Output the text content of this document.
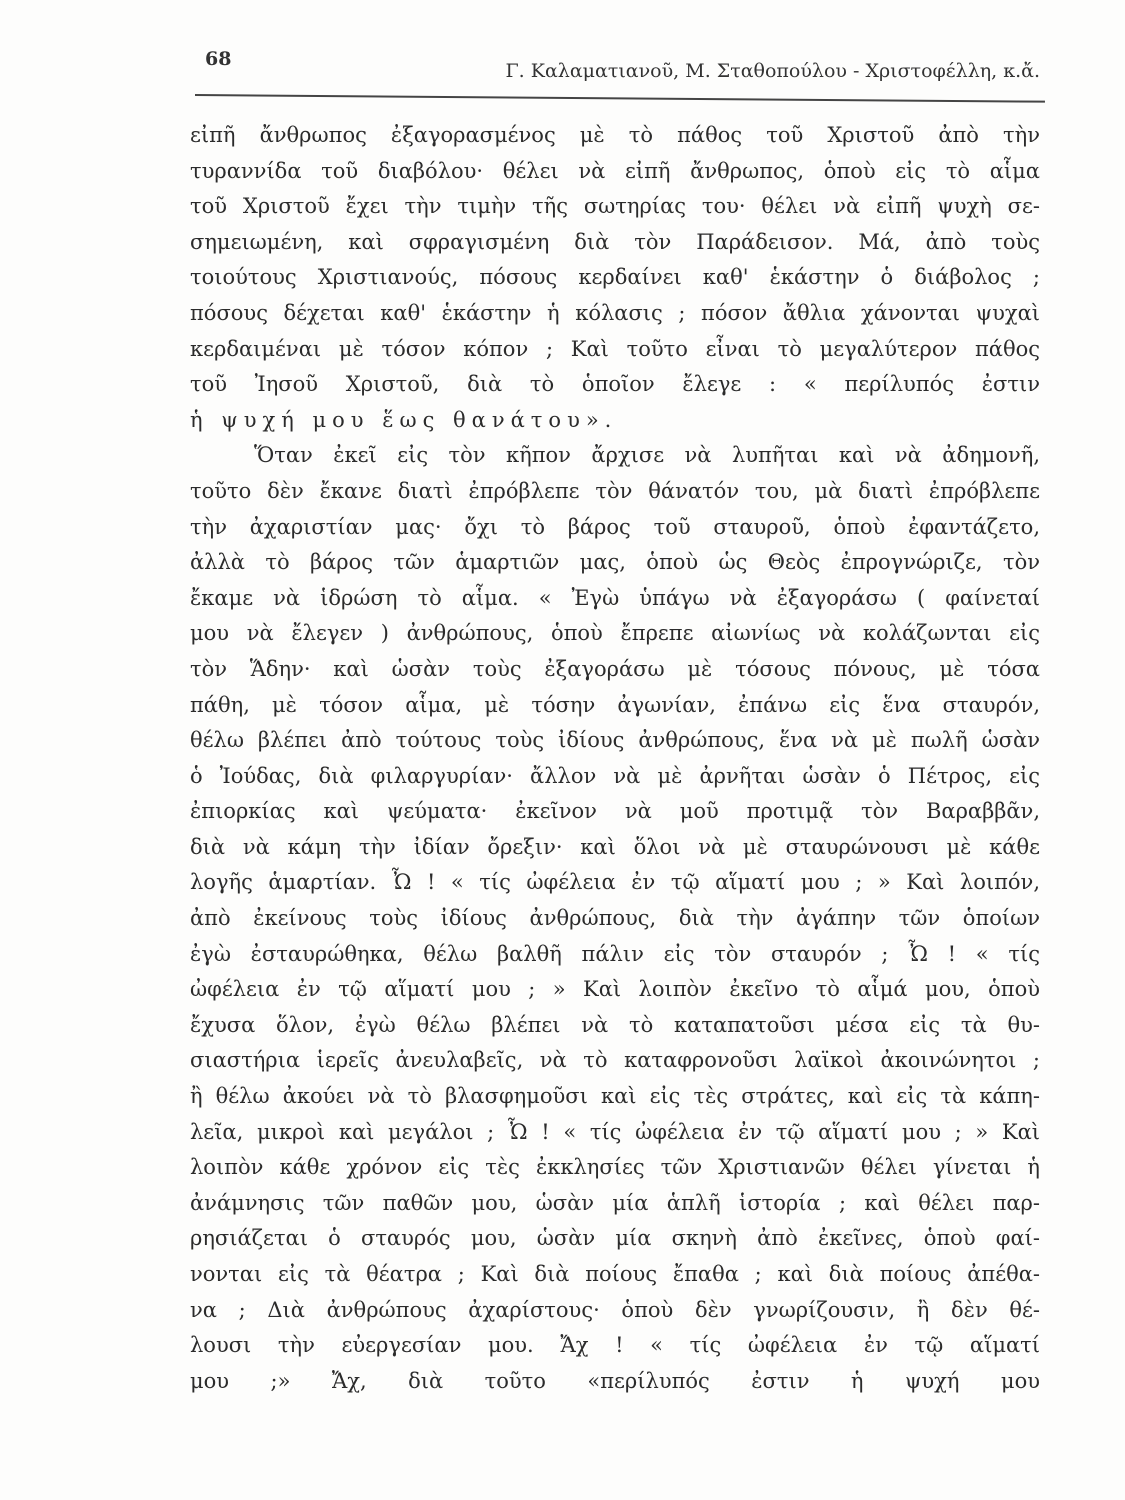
68
Γ. Καλαματιανοῦ, Μ. Σταθοπούλου - Χριστοφέλλη, κ.ἄ.
εἰπῆ ἄνθρωπος ἐξαγορασμένος μὲ τὸ πάθος τοῦ Χριστοῦ ἀπὸ τὴν
τυραννίδα τοῦ διαβόλου· θέλει νὰ εἰπῆ ἄνθρωπος, ὁποὺ εἰς τὸ αἷμα
τοῦ Χριστοῦ ἔχει τὴν τιμὴν τῆς σωτηρίας του· θέλει νὰ εἰπῆ ψυχὴ σε-
σημειωμένη, καὶ σφραγισμένη διὰ τὸν Παράδεισον. Μά, ἀπὸ τοὺς
τοιούτους Χριστιανούς, πόσους κερδαίνει καθ' ἑκάστην ὁ διάβολος ;
πόσους δέχεται καθ' ἑκάστην ἡ κόλασις ; πόσον ἄθλια χάνονται ψυχαὶ
κερδαιμέναι μὲ τόσον κόπον ; Καὶ τοῦτο εἶναι τὸ μεγαλύτερον πάθος
τοῦ Ἰησοῦ Χριστοῦ, διὰ τὸ ὁποῖον ἔλεγε : « περίλυπός ἐστιν
ἡ ψυχή μου ἕως θανάτου».
Ὅταν ἐκεῖ εἰς τὸν κῆπον ἄρχισε νὰ λυπῆται καὶ νὰ ἀδημονῆ,
τοῦτο δὲν ἔκανε διατὶ ἐπρόβλεπε τὸν θάνατόν του, μὰ διατὶ ἐπρόβλεπε
τὴν ἀχαριστίαν μας· ὄχι τὸ βάρος τοῦ σταυροῦ, ὁποὺ ἐφαντάζετο,
ἀλλὰ τὸ βάρος τῶν ἁμαρτιῶν μας, ὁποὺ ὡς Θεὸς ἐπρογνώριζε, τὸν
ἔκαμε νὰ ἱδρώση τὸ αἷμα. « Ἐγὼ ὑπάγω νὰ ἐξαγοράσω ( φαίνεταί
μου νὰ ἔλεγεν ) ἀνθρώπους, ὁποὺ ἔπρεπε αἰωνίως νὰ κολάζωνται εἰς
τὸν Ἅδην· καὶ ὡσὰν τοὺς ἐξαγοράσω μὲ τόσους πόνους, μὲ τόσα
πάθη, μὲ τόσον αἷμα, μὲ τόσην ἀγωνίαν, ἐπάνω εἰς ἕνα σταυρόν,
θέλω βλέπει ἀπὸ τούτους τοὺς ἰδίους ἀνθρώπους, ἕνα νὰ μὲ πωλῆ ὡσὰν
ὁ Ἰούδας, διὰ φιλαργυρίαν· ἄλλον νὰ μὲ ἀρνῆται ὡσὰν ὁ Πέτρος, εἰς
ἐπιορκίας καὶ ψεύματα· ἐκεῖνον νὰ μοῦ προτιμᾷ τὸν Βαραββᾶν,
διὰ νὰ κάμη τὴν ἰδίαν ὄρεξιν· καὶ ὅλοι νὰ μὲ σταυρώνουσι μὲ κάθε
λογῆς ἁμαρτίαν. Ὦ ! « τίς ὠφέλεια ἐν τῷ αἵματί μου ; » Καὶ λοιπόν,
ἀπὸ ἐκείνους τοὺς ἰδίους ἀνθρώπους, διὰ τὴν ἀγάπην τῶν ὁποίων
ἐγὼ ἐσταυρώθηκα, θέλω βαλθῆ πάλιν εἰς τὸν σταυρόν ; Ὦ ! « τίς
ὠφέλεια ἐν τῷ αἵματί μου ; » Καὶ λοιπὸν ἐκεῖνο τὸ αἷμά μου, ὁποὺ
ἔχυσα ὅλον, ἐγὼ θέλω βλέπει νὰ τὸ καταπατοῦσι μέσα εἰς τὰ θυ-
σιαστήρια ἱερεῖς ἀνευλαβεῖς, νὰ τὸ καταφρονοῦσι λαϊκοὶ ἀκοινώνητοι ;
ἢ θέλω ἀκούει νὰ τὸ βλασφημοῦσι καὶ εἰς τὲς στράτες, καὶ εἰς τὰ κάπη-
λεῖα, μικροὶ καὶ μεγάλοι ; Ὦ ! « τίς ὠφέλεια ἐν τῷ αἵματί μου ; » Καὶ
λοιπὸν κάθε χρόνον εἰς τὲς ἐκκλησίες τῶν Χριστιανῶν θέλει γίνεται ἡ
ἀνάμνησις τῶν παθῶν μου, ὡσὰν μία ἁπλῆ ἱστορία ; καὶ θέλει παρ-
ρησιάζεται ὁ σταυρός μου, ὡσὰν μία σκηνὴ ἀπὸ ἐκεῖνες, ὁποὺ φαί-
νονται εἰς τὰ θέατρα ; Καὶ διὰ ποίους ἔπαθα ; καὶ διὰ ποίους ἀπέθα-
να ; Διὰ ἀνθρώπους ἀχαρίστους· ὁποὺ δὲν γνωρίζουσιν, ἢ δὲν θέ-
λουσι τὴν εὐεργεσίαν μου. Ἄχ ! « τίς ὠφέλεια ἐν τῷ αἵματί
μου ;» Ἄχ, διὰ τοῦτο «περίλυπός ἐστιν ἡ ψυχή μου
